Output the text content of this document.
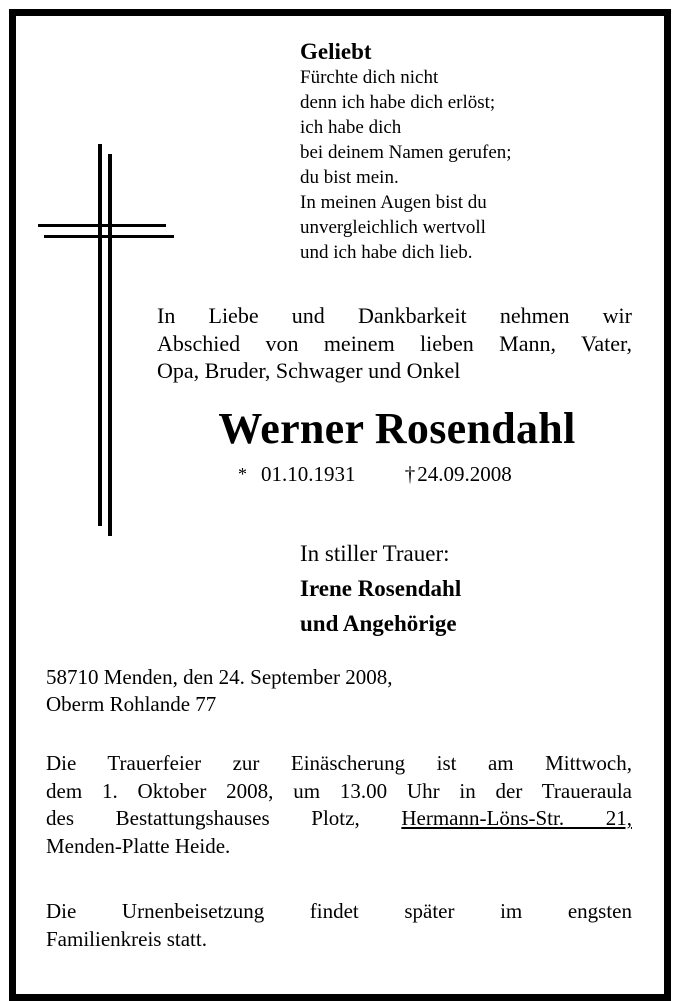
Geliebt
Fürchte dich nicht
denn ich habe dich erlöst;
ich habe dich
bei deinem Namen gerufen;
du bist mein.
In meinen Augen bist du
unvergleichlich wertvoll
und ich habe dich lieb.
In Liebe und Dankbarkeit nehmen wir
Abschied von meinem lieben Mann, Vater,
Opa, Bruder, Schwager und Onkel
Werner Rosendahl
* 01.10.1931 †24.09.2008
In stiller Trauer:
Irene Rosendahl
und Angehörige
58710 Menden, den 24. September 2008,
Oberm Rohlande 77
Die Trauerfeier zur Einäscherung ist am Mittwoch,
dem 1. Oktober 2008, um 13.00 Uhr in der Traueraula
des Bestattungshauses Plotz, Hermann-Löns-Str. 21,
Menden-Platte Heide.
Die Urnenbeisetzung findet später im engsten
Familienkreis statt.
